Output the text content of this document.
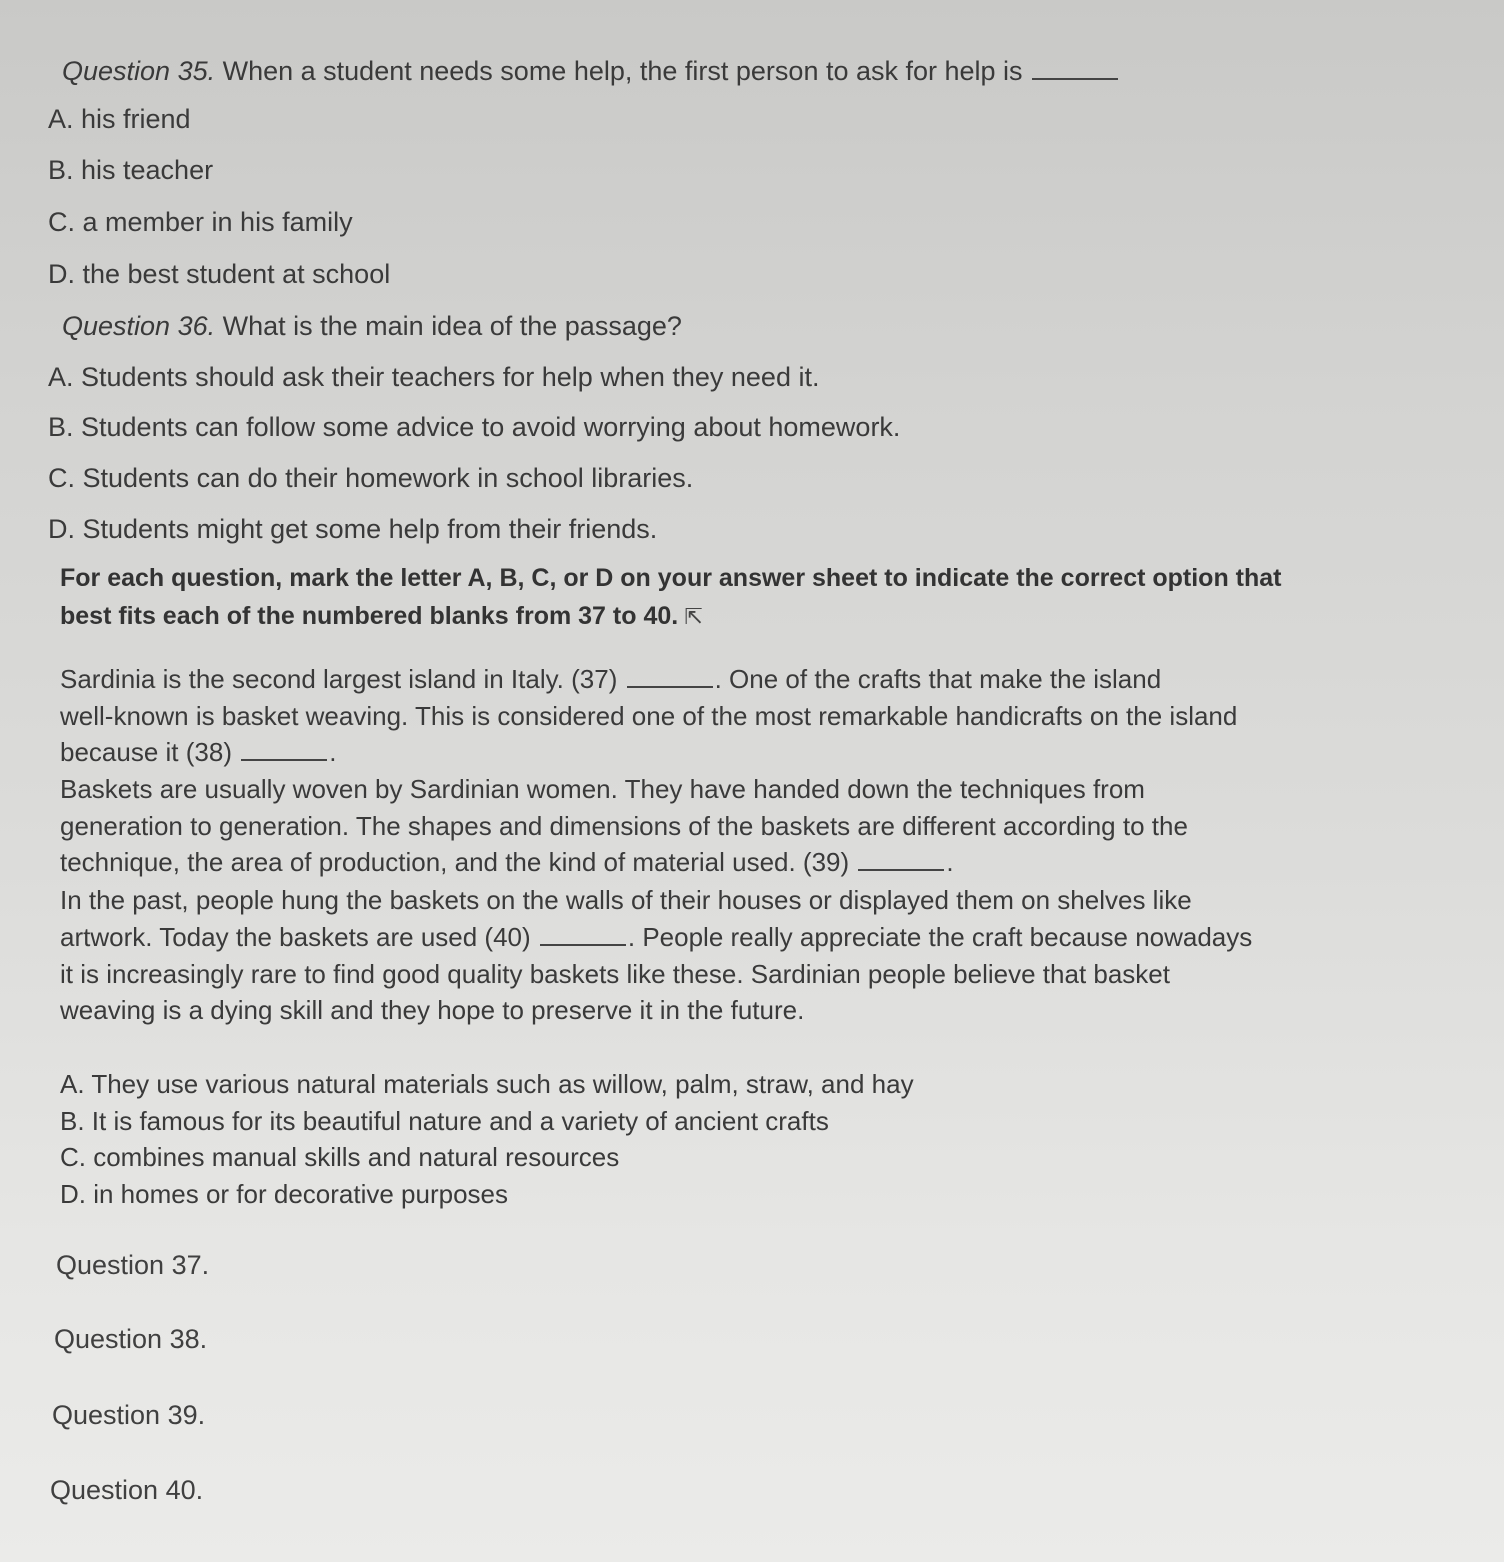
Question 35. When a student needs some help, the first person to ask for help is
A. his friend
B. his teacher
C. a member in his family
D. the best student at school
Question 36. What is the main idea of the passage?
A. Students should ask their teachers for help when they need it.
B. Students can follow some advice to avoid worrying about homework.
C. Students can do their homework in school libraries.
D. Students might get some help from their friends.
For each question, mark the letter A, B, C, or D on your answer sheet to indicate the correct option that
best fits each of the numbered blanks from 37 to 40. ⇱
Sardinia is the second largest island in Italy. (37)	. One of the crafts that make the island
well-known is basket weaving. This is considered one of the most remarkable handicrafts on the island
because it (38)	.
Baskets are usually woven by Sardinian women. They have handed down the techniques from
generation to generation. The shapes and dimensions of the baskets are different according to the
technique, the area of production, and the kind of material used. (39)	.
In the past, people hung the baskets on the walls of their houses or displayed them on shelves like
artwork. Today the baskets are used (40)	. People really appreciate the craft because nowadays
it is increasingly rare to find good quality baskets like these. Sardinian people believe that basket
weaving is a dying skill and they hope to preserve it in the future.
A. They use various natural materials such as willow, palm, straw, and hay
B. It is famous for its beautiful nature and a variety of ancient crafts
C. combines manual skills and natural resources
D. in homes or for decorative purposes
Question 37.
Question 38.
Question 39.
Question 40.
